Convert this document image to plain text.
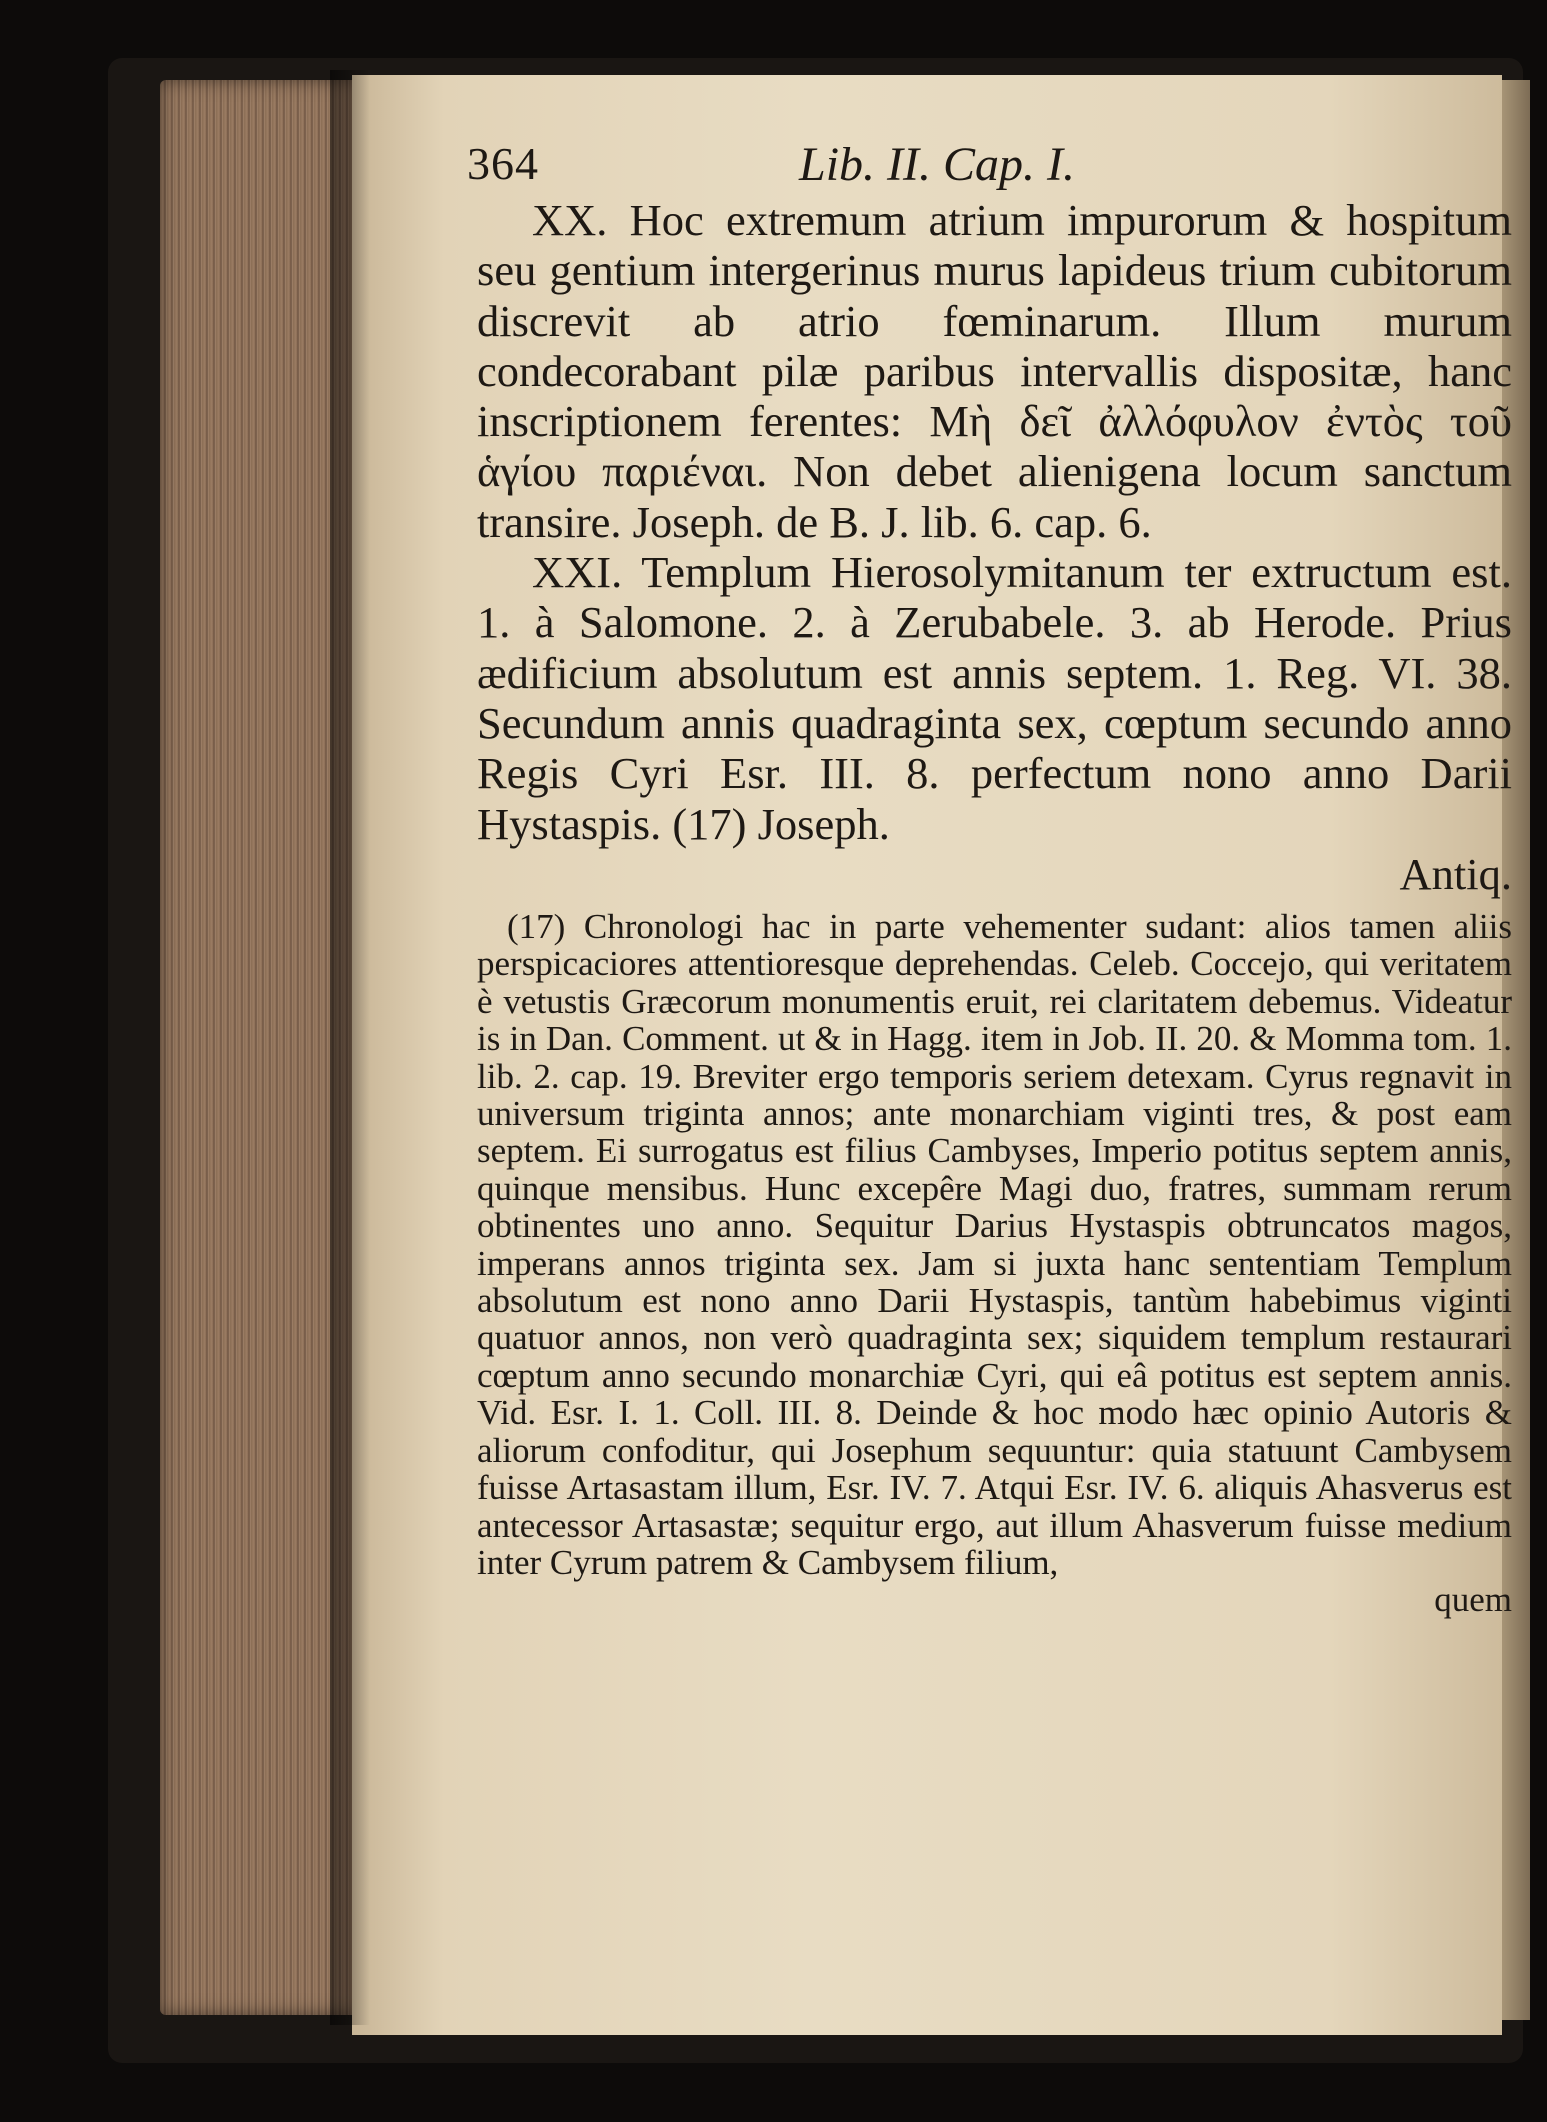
364	Lib. II. Cap. I.

XX. Hoc extremum atrium impurorum & hospitum seu gentium intergerinus murus lapideus trium cubitorum discrevit ab atrio fœminarum. Illum murum condecorabant pilæ paribus intervallis dispositæ, hanc inscriptionem ferentes: Μὴ δεῖ ἀλλόφυλον ἐντὸς τοῦ ἁγίου παριέναι. Non debet alienigena locum sanctum transire. Joseph. de B. J. lib. 6. cap. 6.

XXI. Templum Hierosolymitanum ter extructum est. 1. à Salomone. 2. à Zerubabele. 3. ab Herode. Prius ædificium absolutum est annis septem. 1. Reg. VI. 38. Secundum annis quadraginta sex, cœptum secundo anno Regis Cyri Esr. III. 8. perfectum nono anno Darii Hystaspis. (17) Joseph.

Antiq.

(17) Chronologi hac in parte vehementer sudant: alios tamen aliis perspicaciores attentioresque deprehendas. Celeb. Coccejo, qui veritatem è vetustis Græcorum monumentis eruit, rei claritatem debemus. Videatur is in Dan. Comment. ut & in Hagg. item in Job. II. 20. & Momma tom. 1. lib. 2. cap. 19. Breviter ergo temporis seriem detexam. Cyrus regnavit in universum triginta annos; ante monarchiam viginti tres, & post eam septem. Ei surrogatus est filius Cambyses, Imperio potitus septem annis, quinque mensibus. Hunc excepêre Magi duo, fratres, summam rerum obtinentes uno anno. Sequitur Darius Hystaspis obtruncatos magos, imperans annos triginta sex. Jam si juxta hanc sententiam Templum absolutum est nono anno Darii Hystaspis, tantùm habebimus viginti quatuor annos, non verò quadraginta sex; siquidem templum restaurari cœptum anno secundo monarchiæ Cyri, qui eâ potitus est septem annis. Vid. Esr. I. 1. Coll. III. 8. Deinde & hoc modo hæc opinio Autoris & aliorum confoditur, qui Josephum sequuntur: quia statuunt Cambysem fuisse Artasastam illum, Esr. IV. 7. Atqui Esr. IV. 6. aliquis Ahasverus est antecessor Artasastæ; sequitur ergo, aut illum Ahasverum fuisse medium inter Cyrum patrem & Cambysem filium,

quem
